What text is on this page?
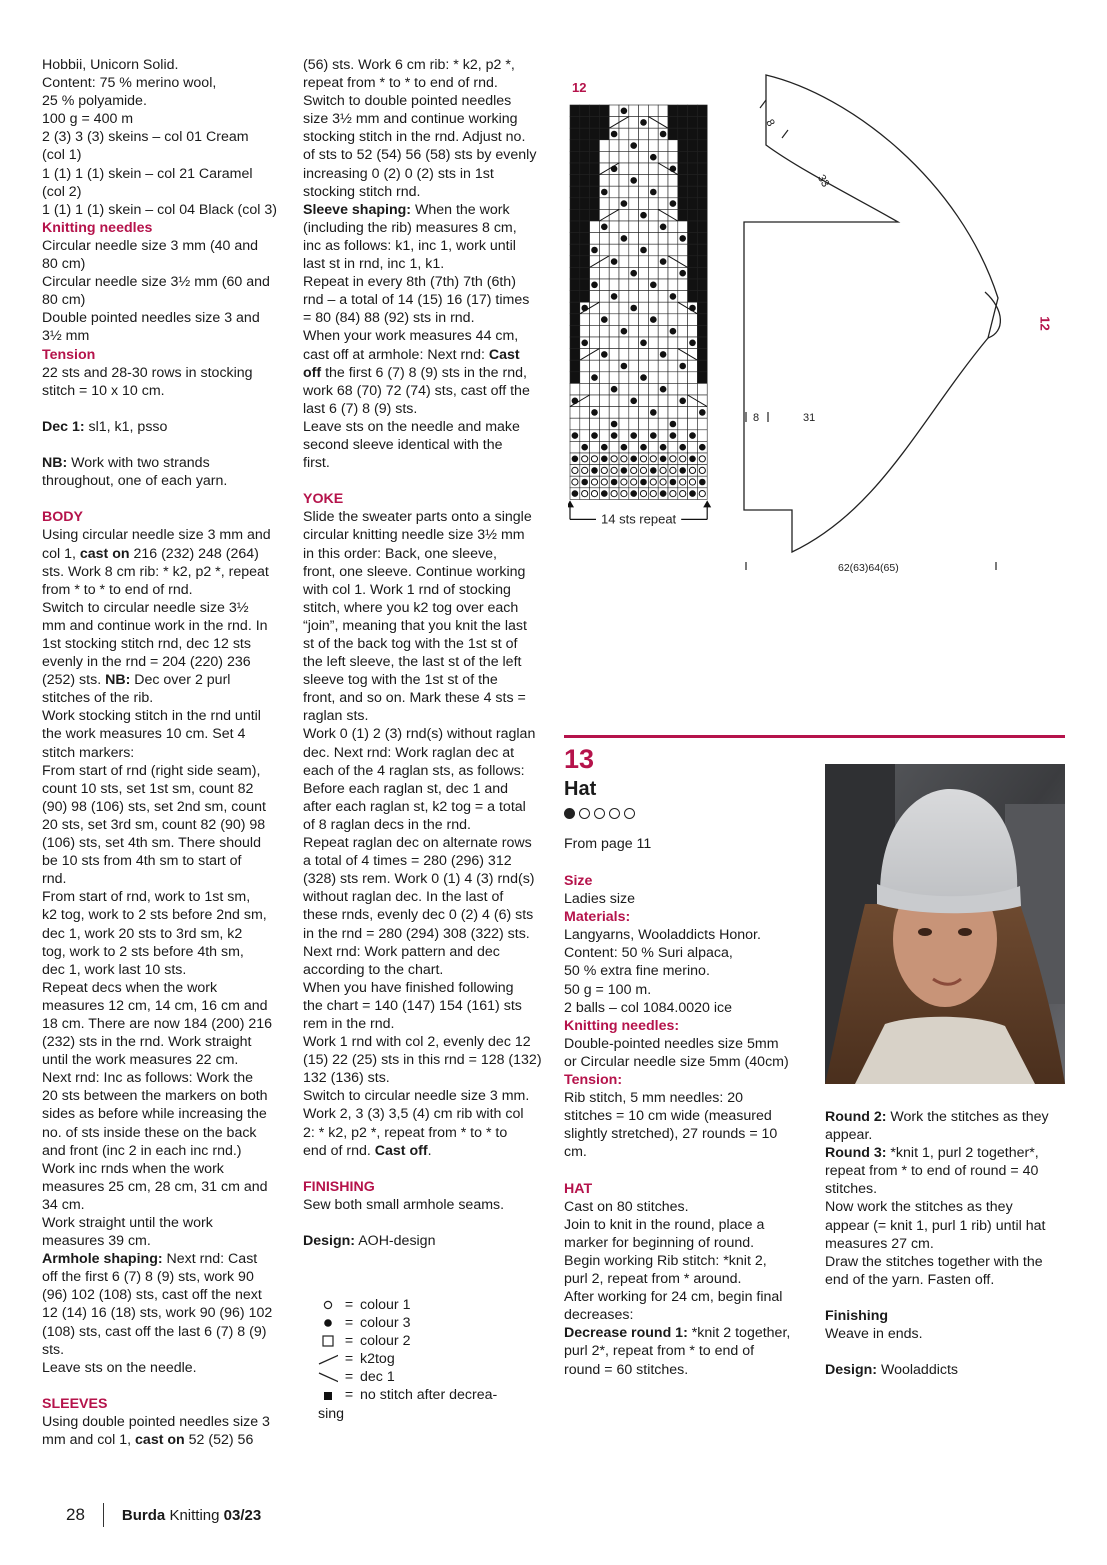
Hobbii, Unicorn Solid.

Content: 75 % merino wool,

25 % polyamide.

100 g = 400 m

2 (3) 3 (3) skeins – col 01 Cream

(col 1)

1 (1) 1 (1) skein – col 21 Caramel

(col 2)

1 (1) 1 (1) skein – col 04 Black (col 3)

Knitting needles

Circular needle size 3 mm (40 and

80 cm)

Circular needle size 3½ mm (60 and

80 cm)

Double pointed needles size 3 and

3½ mm

Tension

22 sts and 28-30 rows in stocking

stitch = 10 x 10 cm.

Dec 1: sl1, k1, psso

NB: Work with two strands

throughout, one of each yarn.

BODY

Using circular needle size 3 mm and

col 1, cast on 216 (232) 248 (264)

sts. Work 8 cm rib: * k2, p2 *, repeat

from * to * to end of rnd.

Switch to circular needle size 3½

mm and continue work in the rnd. In

1st stocking stitch rnd, dec 12 sts

evenly in the rnd = 204 (220) 236

(252) sts. NB: Dec over 2 purl

stitches of the rib.

Work stocking stitch in the rnd until

the work measures 10 cm. Set 4

stitch markers:

From start of rnd (right side seam),

count 10 sts, set 1st sm, count 82

(90) 98 (106) sts, set 2nd sm, count

20 sts, set 3rd sm, count 82 (90) 98

(106) sts, set 4th sm. There should

be 10 sts from 4th sm to start of

rnd.

From start of rnd, work to 1st sm,

k2 tog, work to 2 sts before 2nd sm,

dec 1, work 20 sts to 3rd sm, k2

tog, work to 2 sts before 4th sm,

dec 1, work last 10 sts.

Repeat decs when the work

measures 12 cm, 14 cm, 16 cm and

18 cm. There are now 184 (200) 216

(232) sts in the rnd. Work straight

until the work measures 22 cm.

Next rnd: Inc as follows: Work the

20 sts between the markers on both

sides as before while increasing the

no. of sts inside these on the back

and front (inc 2 in each inc rnd.)

Work inc rnds when the work

measures 25 cm, 28 cm, 31 cm and

34 cm.

Work straight until the work

measures 39 cm.

Armhole shaping: Next rnd: Cast

off the first 6 (7) 8 (9) sts, work 90

(96) 102 (108) sts, cast off the next

12 (14) 16 (18) sts, work 90 (96) 102

(108) sts, cast off the last 6 (7) 8 (9)

sts.

Leave sts on the needle.

SLEEVES

Using double pointed needles size 3

mm and col 1, cast on 52 (52) 56

(56) sts. Work 6 cm rib: * k2, p2 *,

repeat from * to * to end of rnd.

Switch to double pointed needles

size 3½ mm and continue working

stocking stitch in the rnd. Adjust no.

of sts to 52 (54) 56 (58) sts by evenly

increasing 0 (2) 0 (2) sts in 1st

stocking stitch rnd.

Sleeve shaping: When the work

(including the rib) measures 8 cm,

inc as follows: k1, inc 1, work until

last st in rnd, inc 1, k1.

Repeat in every 8th (7th) 7th (6th)

rnd – a total of 14 (15) 16 (17) times

= 80 (84) 88 (92) sts in rnd.

When your work measures 44 cm,

cast off at armhole: Next rnd: Cast

off the first 6 (7) 8 (9) sts in the rnd,

work 68 (70) 72 (74) sts, cast off the

last 6 (7) 8 (9) sts.

Leave sts on the needle and make

second sleeve identical with the

first.

YOKE

Slide the sweater parts onto a single

circular knitting needle size 3½ mm

in this order: Back, one sleeve,

front, one sleeve. Continue working

with col 1. Work 1 rnd of stocking

stitch, where you k2 tog over each

“join”, meaning that you knit the last

st of the back tog with the 1st st of

the left sleeve, the last st of the left

sleeve tog with the 1st st of the

front, and so on. Mark these 4 sts =

raglan sts.

Work 0 (1) 2 (3) rnd(s) without raglan

dec. Next rnd: Work raglan dec at

each of the 4 raglan sts, as follows:

Before each raglan st, dec 1 and

after each raglan st, k2 tog = a total

of 8 raglan decs in the rnd.

Repeat raglan dec on alternate rows

a total of 4 times = 280 (296) 312

(328) sts rem. Work 0 (1) 4 (3) rnd(s)

without raglan dec. In the last of

these rnds, evenly dec 0 (2) 4 (6) sts

in the rnd = 280 (294) 308 (322) sts.

Next rnd: Work pattern and dec

according to the chart.

When you have finished following

the chart = 140 (147) 154 (161) sts

rem in the rnd.

Work 1 rnd with col 2, evenly dec 12

(15) 22 (25) sts in this rnd = 128 (132)

132 (136) sts.

Switch to circular needle size 3 mm.

Work 2, 3 (3) 3,5 (4) cm rib with col

2: * k2, p2 *, repeat from * to * to

end of rnd. Cast off.

FINISHING

Sew both small armhole seams.

Design: AOH-design

= colour 1
= colour 3
= colour 2
= k2tog
= dec 1
= no stitch after decrea-
sing
12
14 sts repeat
8
33
8	31
62(63)64(65)
12
13
Hat
From page 11

Size

Ladies size

Materials:

Langyarns, Wooladdicts Honor.

Content: 50 % Suri alpaca,

50 % extra fine merino.

50 g = 100 m.

2 balls – col 1084.0020 ice

Knitting needles:

Double-pointed needles size 5mm

or Circular needle size 5mm (40cm)

Tension:

Rib stitch, 5 mm needles: 20

stitches = 10 cm wide (measured

slightly stretched), 27 rounds = 10

cm.

HAT

Cast on 80 stitches.

Join to knit in the round, place a

marker for beginning of round.

Begin working Rib stitch: *knit 2,

purl 2, repeat from * around.

After working for 24 cm, begin final

decreases:

Decrease round 1: *knit 2 together,

purl 2*, repeat from * to end of

round = 60 stitches.

Round 2: Work the stitches as they

appear.

Round 3: *knit 1, purl 2 together*,

repeat from * to end of round = 40

stitches.

Now work the stitches as they

appear (= knit 1, purl 1 rib) until hat

measures 27 cm.

Draw the stitches together with the

end of the yarn. Fasten off.

Finishing

Weave in ends.

Design: Wooladdicts

28 Burda Knitting 03/23
